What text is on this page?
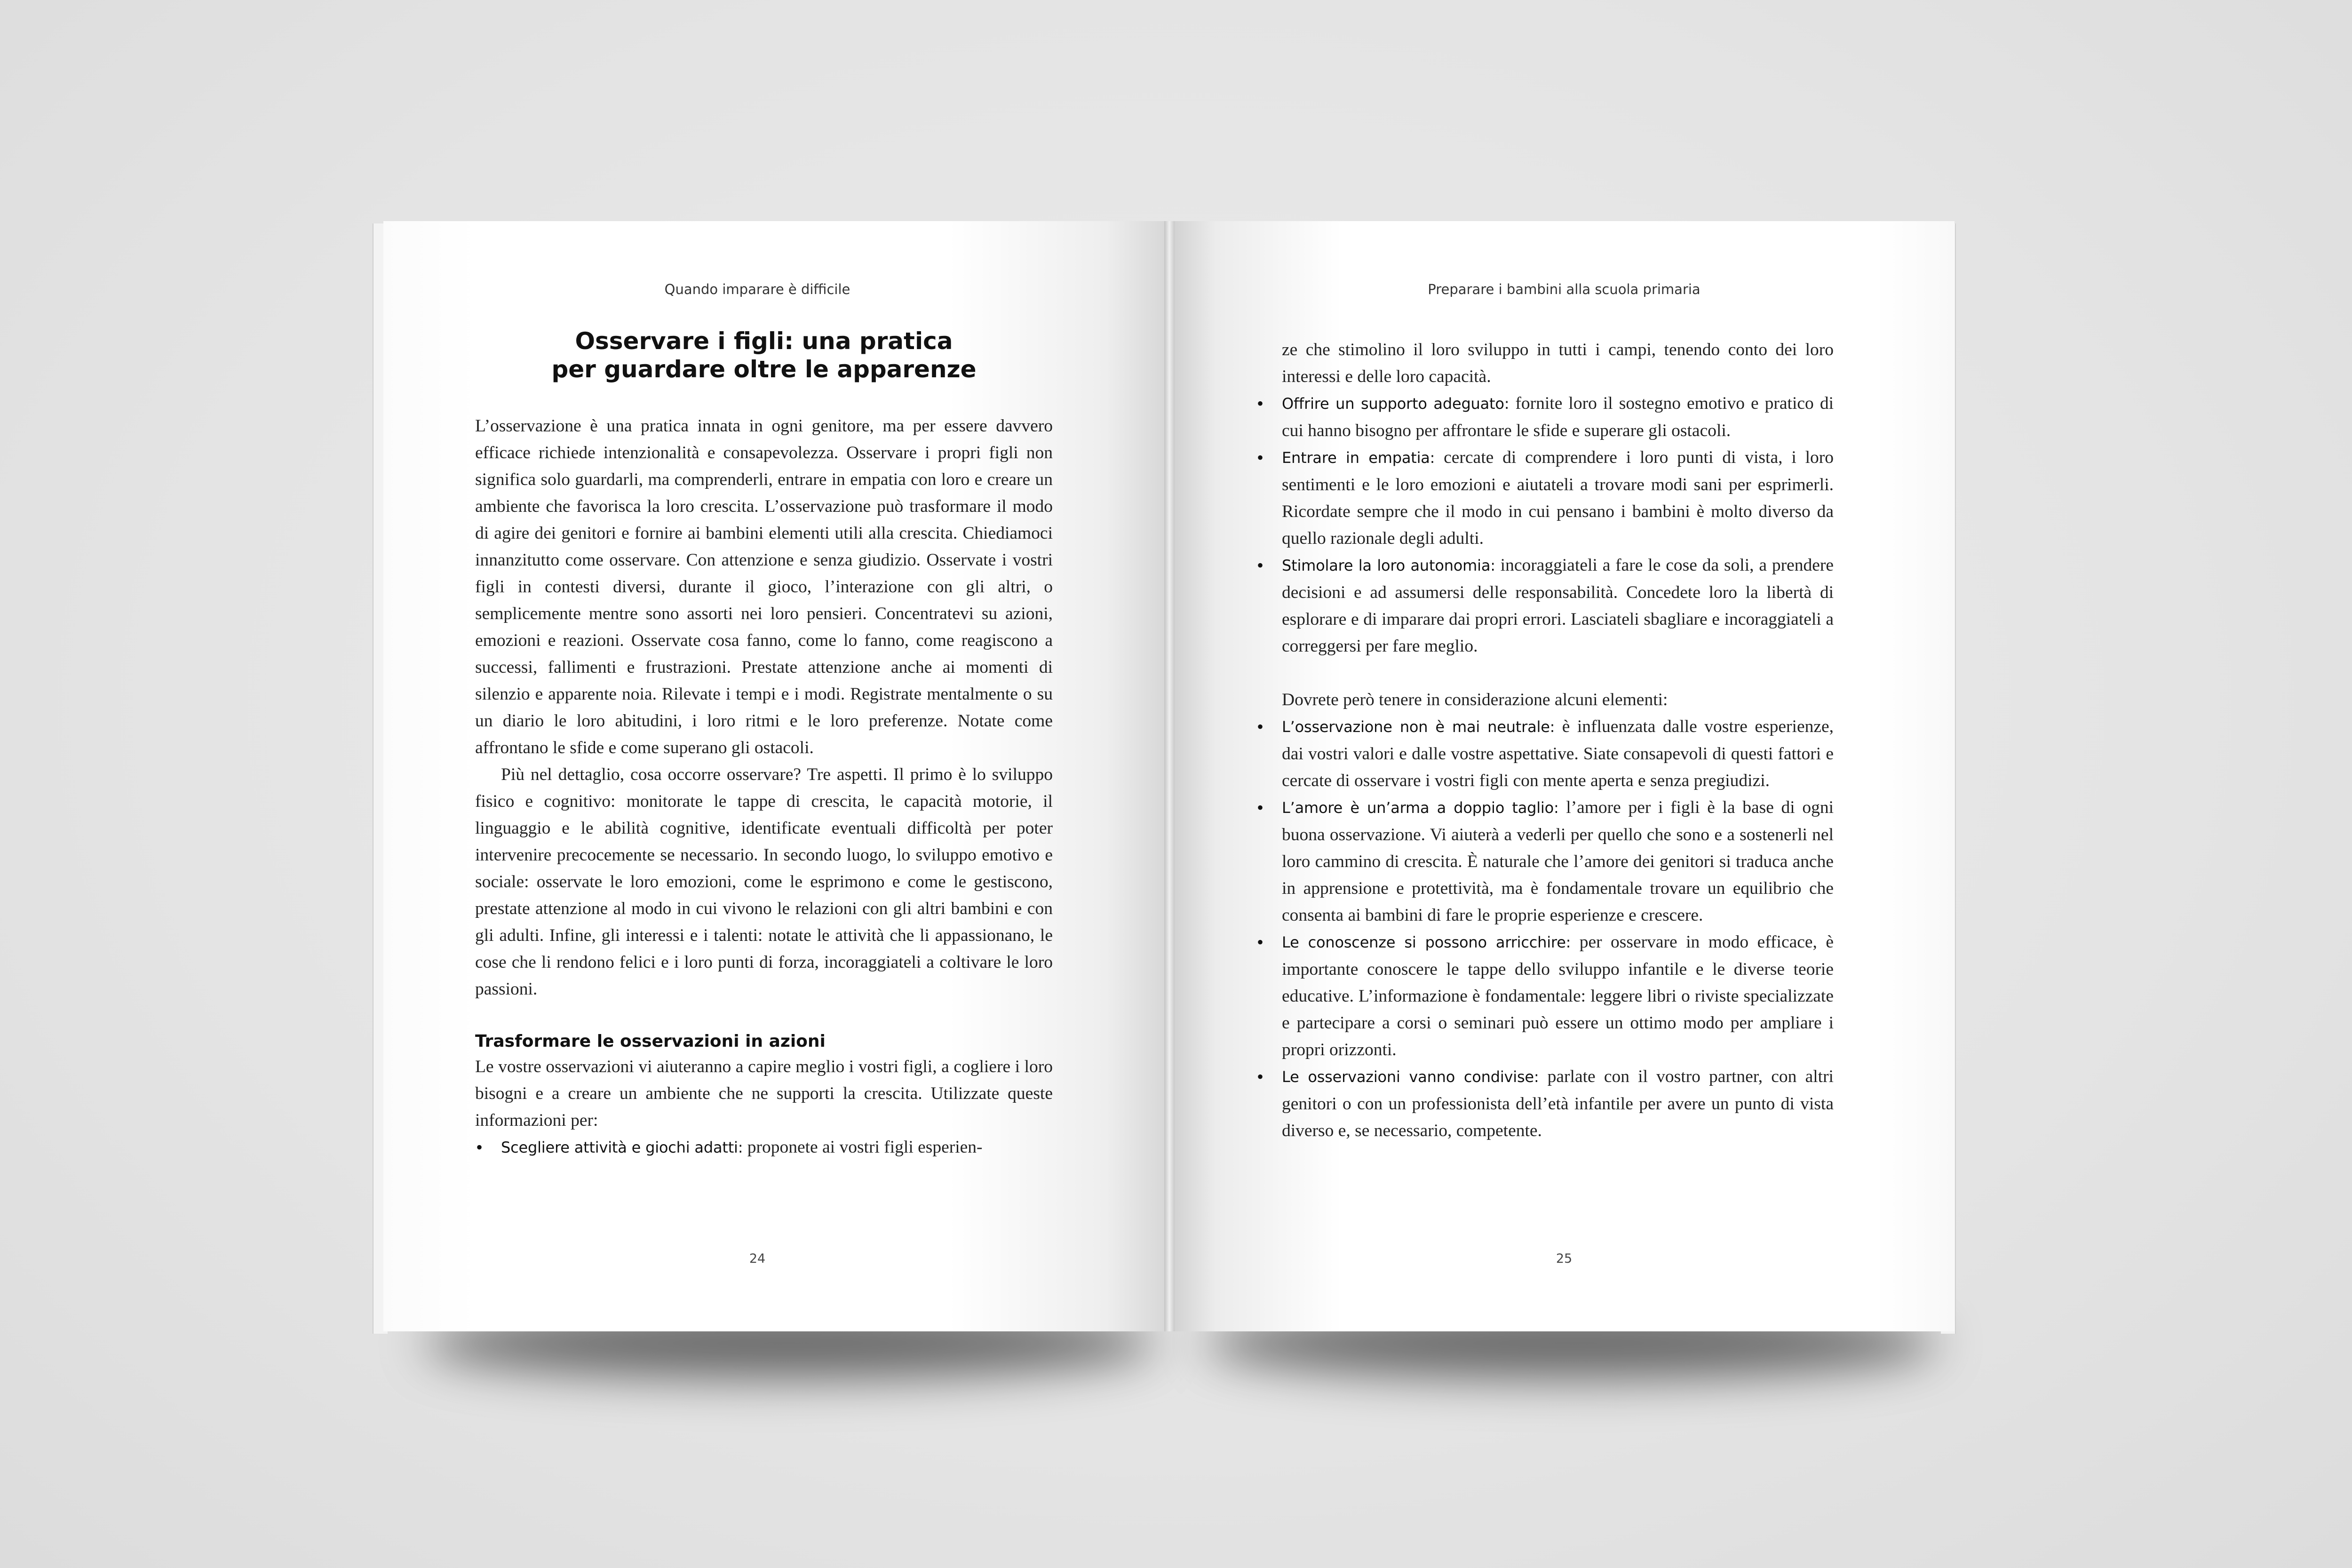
Quando imparare è difficile
Osservare i figli: una pratica
per guardare oltre le apparenze

L’osservazione è una pratica innata in ogni genitore, ma per essere davvero efficace richiede intenzionalità e consapevolezza. Osservare i propri figli non significa solo guardarli, ma comprenderli, entrare in empatia con loro e creare un ambiente che favorisca la loro crescita. L’osservazione può trasformare il modo di agire dei genitori e fornire ai bambini elementi utili alla crescita. Chiediamoci innanzitutto come osservare. Con attenzione e senza giudizio. Osservate i vostri figli in contesti diversi, durante il gioco, l’interazione con gli altri, o semplicemente mentre sono assorti nei loro pensieri. Concentratevi su azioni, emozioni e reazioni. Osservate cosa fanno, come lo fanno, come reagiscono a successi, fallimenti e frustrazioni. Prestate attenzione anche ai momenti di silenzio e apparente noia. Rilevate i tempi e i modi. Registrate mentalmente o su un diario le loro abitudini, i loro ritmi e le loro preferenze. Notate come affrontano le sfide e come superano gli ostacoli.

Più nel dettaglio, cosa occorre osservare? Tre aspetti. Il primo è lo sviluppo fisico e cognitivo: monitorate le tappe di crescita, le capacità motorie, il linguaggio e le abilità cognitive, identificate eventuali difficoltà per poter intervenire precocemente se necessario. In secondo luogo, lo sviluppo emotivo e sociale: osservate le loro emozioni, come le esprimono e come le gestiscono, prestate attenzione al modo in cui vivono le relazioni con gli altri bambini e con gli adulti. Infine, gli interessi e i talenti: notate le attività che li appassionano, le cose che li rendono felici e i loro punti di forza, incoraggiateli a coltivare le loro passioni.

Trasformare le osservazioni in azioni

Le vostre osservazioni vi aiuteranno a capire meglio i vostri figli, a cogliere i loro bisogni e a creare un ambiente che ne supporti la crescita. Utilizzate queste informazioni per:

• Scegliere attività e giochi adatti: proponete ai vostri figli esperien-
24
Preparare i bambini alla scuola primaria

ze che stimolino il loro sviluppo in tutti i campi, tenendo conto dei loro interessi e delle loro capacità.

• Offrire un supporto adeguato: fornite loro il sostegno emotivo e pratico di cui hanno bisogno per affrontare le sfide e superare gli ostacoli.
• Entrare in empatia: cercate di comprendere i loro punti di vista, i loro sentimenti e le loro emozioni e aiutateli a trovare modi sani per esprimerli. Ricordate sempre che il modo in cui pensano i bambini è molto diverso da quello razionale degli adulti.
• Stimolare la loro autonomia: incoraggiateli a fare le cose da soli, a prendere decisioni e ad assumersi delle responsabilità. Concedete loro la libertà di esplorare e di imparare dai propri errori. Lasciateli sbagliare e incoraggiateli a correggersi per fare meglio.

Dovrete però tenere in considerazione alcuni elementi:

• L’osservazione non è mai neutrale: è influenzata dalle vostre esperienze, dai vostri valori e dalle vostre aspettative. Siate consapevoli di questi fattori e cercate di osservare i vostri figli con mente aperta e senza pregiudizi.
• L’amore è un’arma a doppio taglio: l’amore per i figli è la base di ogni buona osservazione. Vi aiuterà a vederli per quello che sono e a sostenerli nel loro cammino di crescita. È naturale che l’amore dei genitori si traduca anche in apprensione e protettività, ma è fondamentale trovare un equilibrio che consenta ai bambini di fare le proprie esperienze e crescere.
• Le conoscenze si possono arricchire: per osservare in modo efficace, è importante conoscere le tappe dello sviluppo infantile e le diverse teorie educative. L’informazione è fondamentale: leggere libri o riviste specializzate e partecipare a corsi o seminari può essere un ottimo modo per ampliare i propri orizzonti.
• Le osservazioni vanno condivise: parlate con il vostro partner, con altri genitori o con un professionista dell’età infantile per avere un punto di vista diverso e, se necessario, competente.
25
